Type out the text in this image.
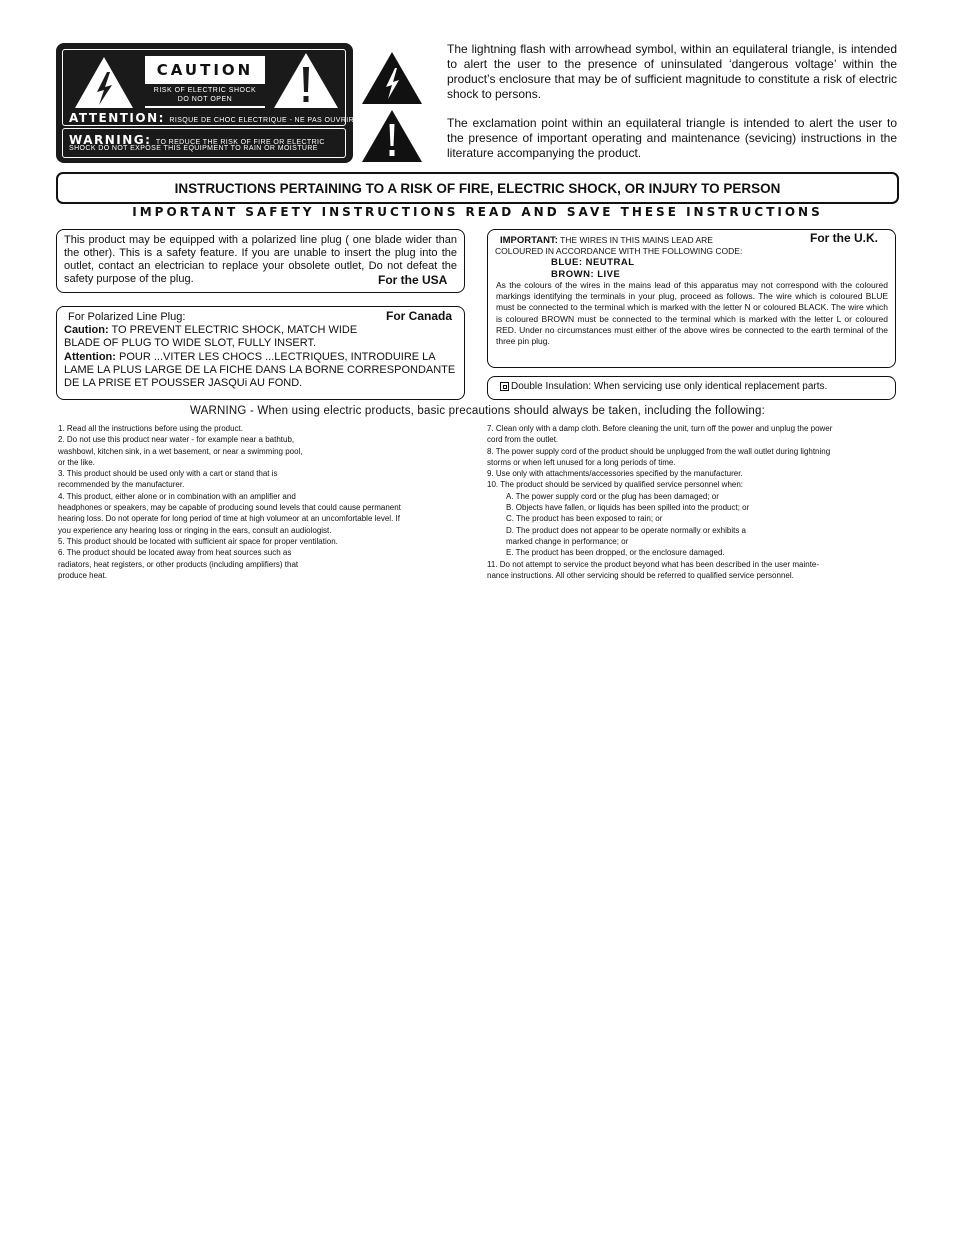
CAUTION
RISK OF ELECTRIC SHOCK
DO NOT OPEN
ATTENTION: RISQUE DE CHOC ELECTRIQUE - NE PAS OUVRIR
WARNING: TO REDUCE THE RISK OF FIRE OR ELECTRIC
SHOCK DO NOT EXPOSE THIS EQUIPMENT TO RAIN OR MOISTURE
The lightning flash with arrowhead symbol, within an equilateral triangle, is intended to alert the user to the presence of uninsulated ‘dangerous voltage’ within the product’s enclosure that may be of sufficient magnitude to constitute a risk of electric shock to persons.
The exclamation point within an equilateral triangle is intended to alert the user to the presence of important operating and maintenance (sevicing) instructions in the literature accompanying the product.
INSTRUCTIONS PERTAINING TO A RISK OF FIRE, ELECTRIC SHOCK, OR INJURY TO PERSON
IMPORTANT SAFETY INSTRUCTIONS READ AND SAVE THESE INSTRUCTIONS
This product may be equipped with a polarized line plug ( one blade wider than the other). This is a safety feature. If you are unable to insert the plug into the outlet, contact an electrician to replace your obsolete outlet, Do not defeat the safety purpose of the plug.	For the USA
For Canada
For Polarized Line Plug:
Caution: TO PREVENT ELECTRIC SHOCK, MATCH WIDE BLADE OF PLUG TO WIDE SLOT, FULLY INSERT.
Attention: POUR ...VITER LES CHOCS ...LECTRIQUES, INTRODUIRE LA LAME LA PLUS LARGE DE LA FICHE DANS LA BORNE CORRESPONDANTE DE LA PRISE ET POUSSER JASQUi AU FOND.
For the U.K.
IMPORTANT: THE WIRES IN THIS MAINS LEAD ARE
COLOURED IN ACCORDANCE WITH THE FOLLOWING CODE:
BLUE: NEUTRAL
BROWN: LIVE
As the colours of the wires in the mains lead of this apparatus may not correspond with the coloured markings identifying the terminals in your plug, proceed as follows. The wire which is coloured BLUE must be connected to the terminal which is marked with the letter N or coloured BLACK. The wire which is coloured BROWN must be connected to the terminal which is marked with the letter L or coloured RED. Under no circumstances must either of the above wires be connected to the earth terminal of the three pin plug.
Double Insulation: When servicing use only identical replacement parts.
WARNING - When using electric products, basic precautions should always be taken, including the following:
1. Read all the instructions before using the product.
2. Do not use this product near water - for example near a bathtub,
washbowl, kitchen sink, in a wet basement, or near a swimming pool,
or the like.
3. This product should be used only with a cart or stand that is
recommended by the manufacturer.
4. This product, either alone or in combination with an amplifier and
headphones or speakers, may be capable of producing sound levels that could cause permanent
hearing loss. Do not operate for long period of time at high volumeor at an uncomfortable level. If
you experience any hearing loss or ringing in the ears, consult an audiologist.
5. This product should be located with sufficient air space for proper ventilation.
6. The product should be located away from heat sources such as
radiators, heat registers, or other products (including amplifiers) that
produce heat.
7. Clean only with a damp cloth. Before cleaning the unit, turn off the power and unplug the power
cord from the outlet.
8. The power supply cord of the product should be unplugged from the wall outlet during lightning
storms or when left unused for a long periods of time.
9. Use only with attachments/accessories specified by the manufacturer.
10. The product should be serviced by qualified service personnel when:
A. The power supply cord or the plug has been damaged; or
B. Objects have fallen, or liquids has been spilled into the product; or
C. The product has been exposed to rain; or
D. The product does not appear to be operate normally or exhibits a
marked change in performance; or
E. The product has been dropped, or the enclosure damaged.
11. Do not attempt to service the product beyond what has been described in the user mainte-
nance instructions. All other servicing should be referred to qualified service personnel.
